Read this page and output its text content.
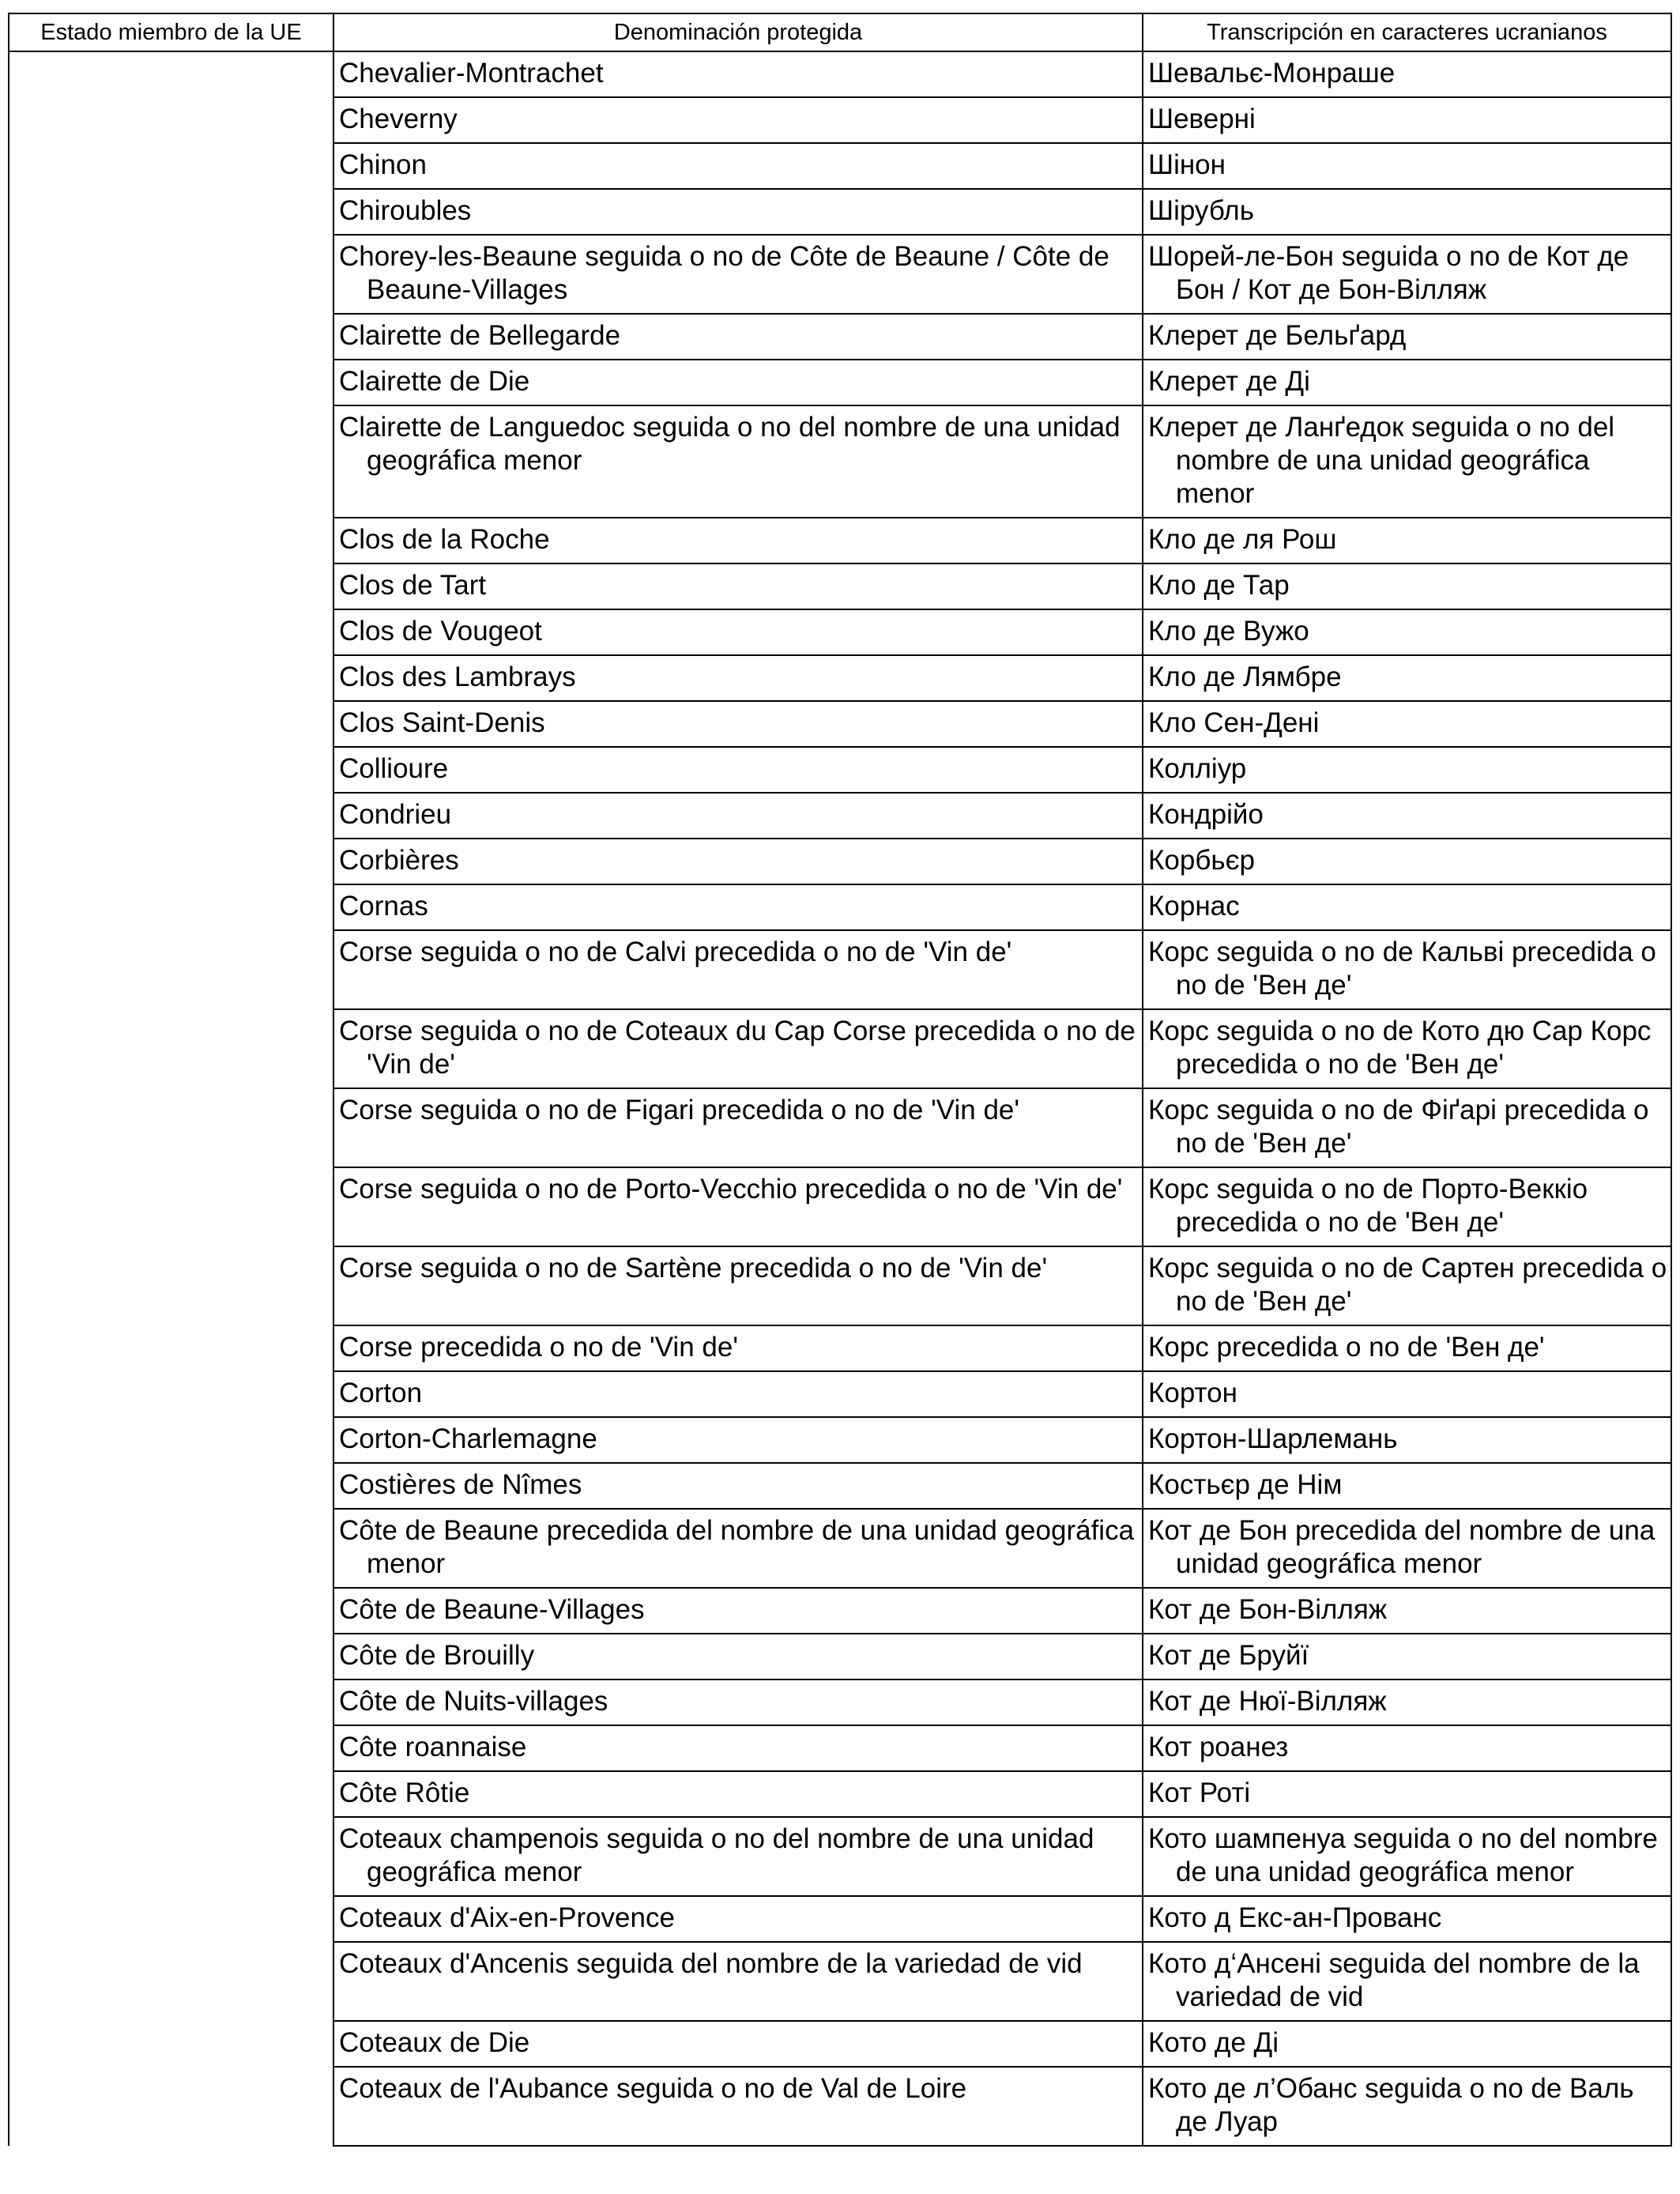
Estado miembro de la UE	Denominación protegida	Transcripción en caracteres ucranianos

	Chevalier-Montrachet	Шевальє-Монраше

	Cheverny	Шеверні

	Chinon	Шінон

	Chiroubles	Шірубль

	Chorey-les-Beaune seguida o no de Côte de Beaune / Côte de Beaune-Villages	Шорей-ле-Бон seguida o no de Кот де Бон / Кот де Бон-Вілляж

	Clairette de Bellegarde	Клерет де Бельґард

	Clairette de Die	Клерет де Ді

	Clairette de Languedoc seguida o no del nombre de una unidad geográfica menor	Клерет де Ланґедок seguida o no del nombre de una unidad geográfica menor

	Clos de la Roche	Кло де ля Рош

	Clos de Tart	Кло де Тар

	Clos de Vougeot	Кло де Вужо

	Clos des Lambrays	Кло де Лямбре

	Clos Saint-Denis	Кло Сен-Дені

	Collioure	Колліур

	Condrieu	Кондрійо

	Corbières	Корбьєр

	Cornas	Корнас

	Corse seguida o no de Calvi precedida o no de 'Vin de'	Корс seguida o no de Кальві precedida o no de 'Вен де'

	Corse seguida o no de Coteaux du Cap Corse precedida o no de 'Vin de'	Корс seguida o no de Кото дю Cap Корс precedida o no de 'Вен де'

	Corse seguida o no de Figari precedida o no de 'Vin de'	Корс seguida o no de Фіґарі precedida o no de 'Вен де'

	Corse seguida o no de Porto-Vecchio precedida o no de 'Vin de'	Корс seguida o no de Порто-Веккіо precedida o no de 'Вен де'

	Corse seguida o no de Sartène precedida o no de 'Vin de'	Корс seguida o no de Сартен precedida o no de 'Вен де'

	Corse precedida o no de 'Vin de'	Корс precedida o no de 'Вен де'

	Corton	Кортон

	Corton-Charlemagne	Кортон-Шарлемань

	Costières de Nîmes	Костьєр де Нім

	Côte de Beaune precedida del nombre de una unidad geográfica menor	Кот де Бон precedida del nombre de una unidad geográfica menor

	Côte de Beaune-Villages	Кот де Бон-Вілляж

	Côte de Brouilly	Кот де Бруйї

	Côte de Nuits-villages	Кот де Нюї-Вілляж

	Côte roannaise	Кот роанез

	Côte Rôtie	Кот Роті

	Coteaux champenois seguida o no del nombre de una unidad geográfica menor	Кото шампенуа seguida o no del nombre de una unidad geográfica menor

	Coteaux d'Aix-en-Provence	Кото д Екс-ан-Прованс

	Coteaux d'Ancenis seguida del nombre de la variedad de vid	Кото д‘Ансені seguida del nombre de la variedad de vid

	Coteaux de Die	Кото де Ді

	Coteaux de l'Aubance seguida o no de Val de Loire	Кото де л’Обанс seguida o no de Валь де Луар
